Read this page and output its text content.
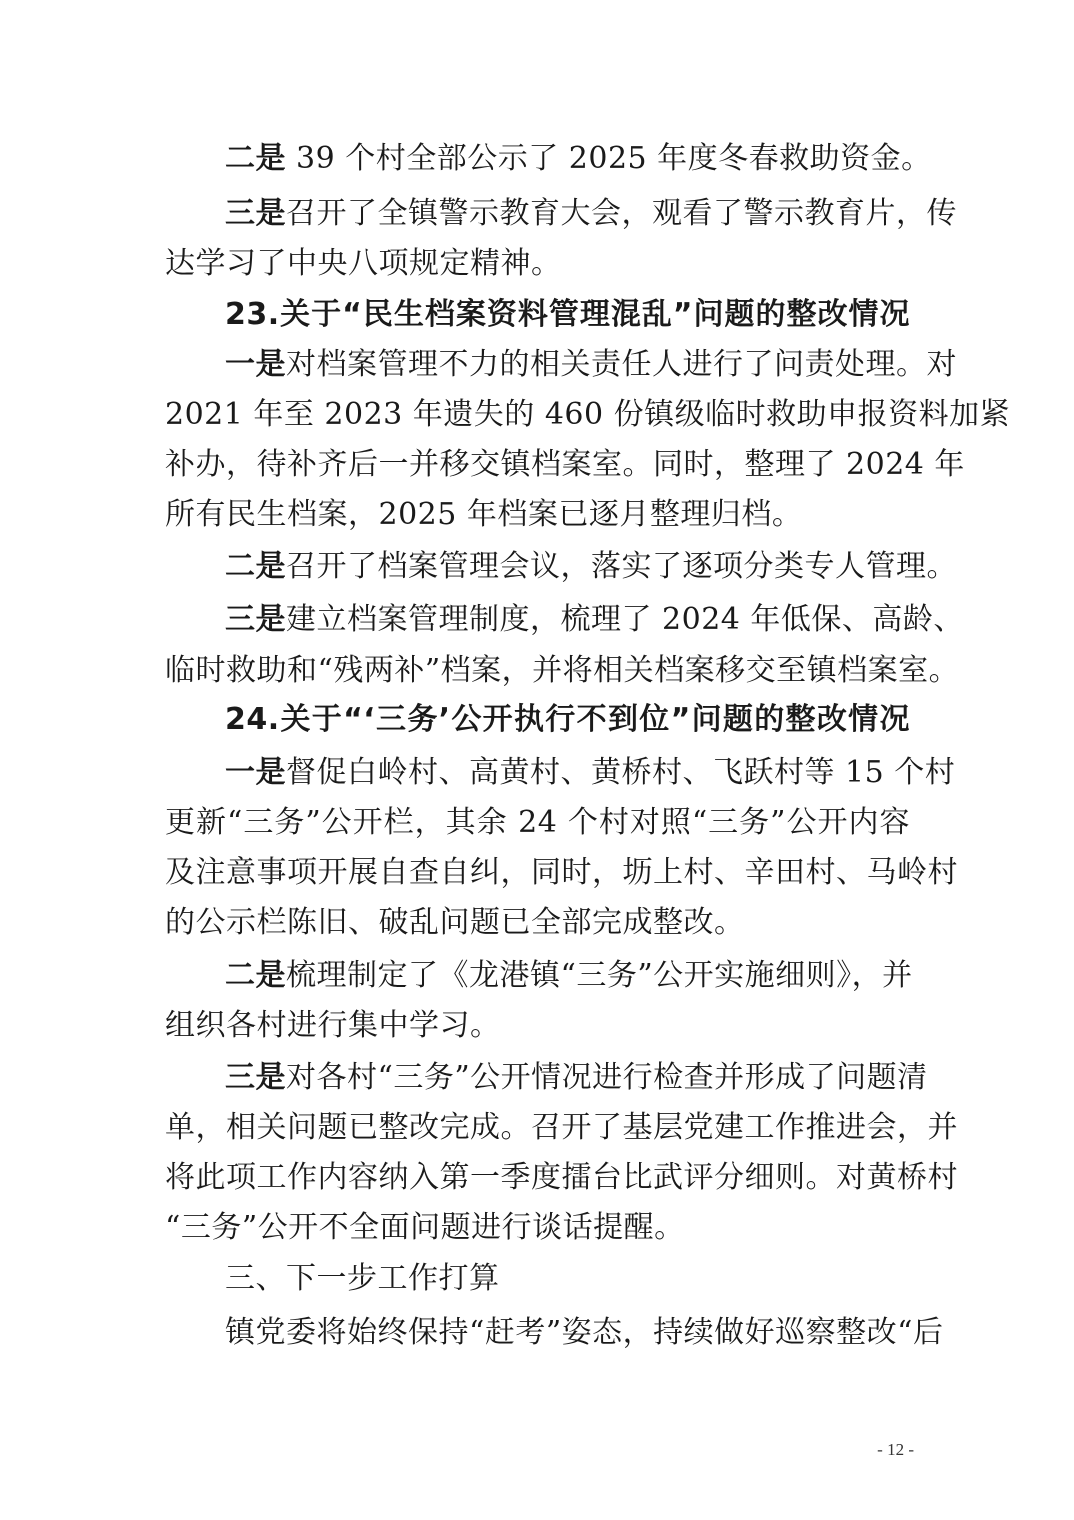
二是 39 个村全部公示了 2025 年度冬春救助资金。
三是召开了全镇警示教育大会，观看了警示教育片，传
达学习了中央八项规定精神。
23.关于“民生档案资料管理混乱”问题的整改情况
一是对档案管理不力的相关责任人进行了问责处理。对
2021 年至 2023 年遗失的 460 份镇级临时救助申报资料加紧
补办，待补齐后一并移交镇档案室。同时，整理了 2024 年
所有民生档案，2025 年档案已逐月整理归档。
二是召开了档案管理会议，落实了逐项分类专人管理。
三是建立档案管理制度，梳理了 2024 年低保、高龄、
临时救助和“残两补”档案，并将相关档案移交至镇档案室。
24.关于“‘三务’公开执行不到位”问题的整改情况
一是督促白岭村、高黄村、黄桥村、飞跃村等 15 个村
更新“三务”公开栏，其余 24 个村对照“三务”公开内容
及注意事项开展自查自纠，同时，坜上村、辛田村、马岭村
的公示栏陈旧、破乱问题已全部完成整改。
二是梳理制定了《龙港镇“三务”公开实施细则》，并
组织各村进行集中学习。
三是对各村“三务”公开情况进行检查并形成了问题清
单，相关问题已整改完成。召开了基层党建工作推进会，并
将此项工作内容纳入第一季度擂台比武评分细则。对黄桥村
“三务”公开不全面问题进行谈话提醒。
三、下一步工作打算
镇党委将始终保持“赶考”姿态，持续做好巡察整改“后
- 12 -
